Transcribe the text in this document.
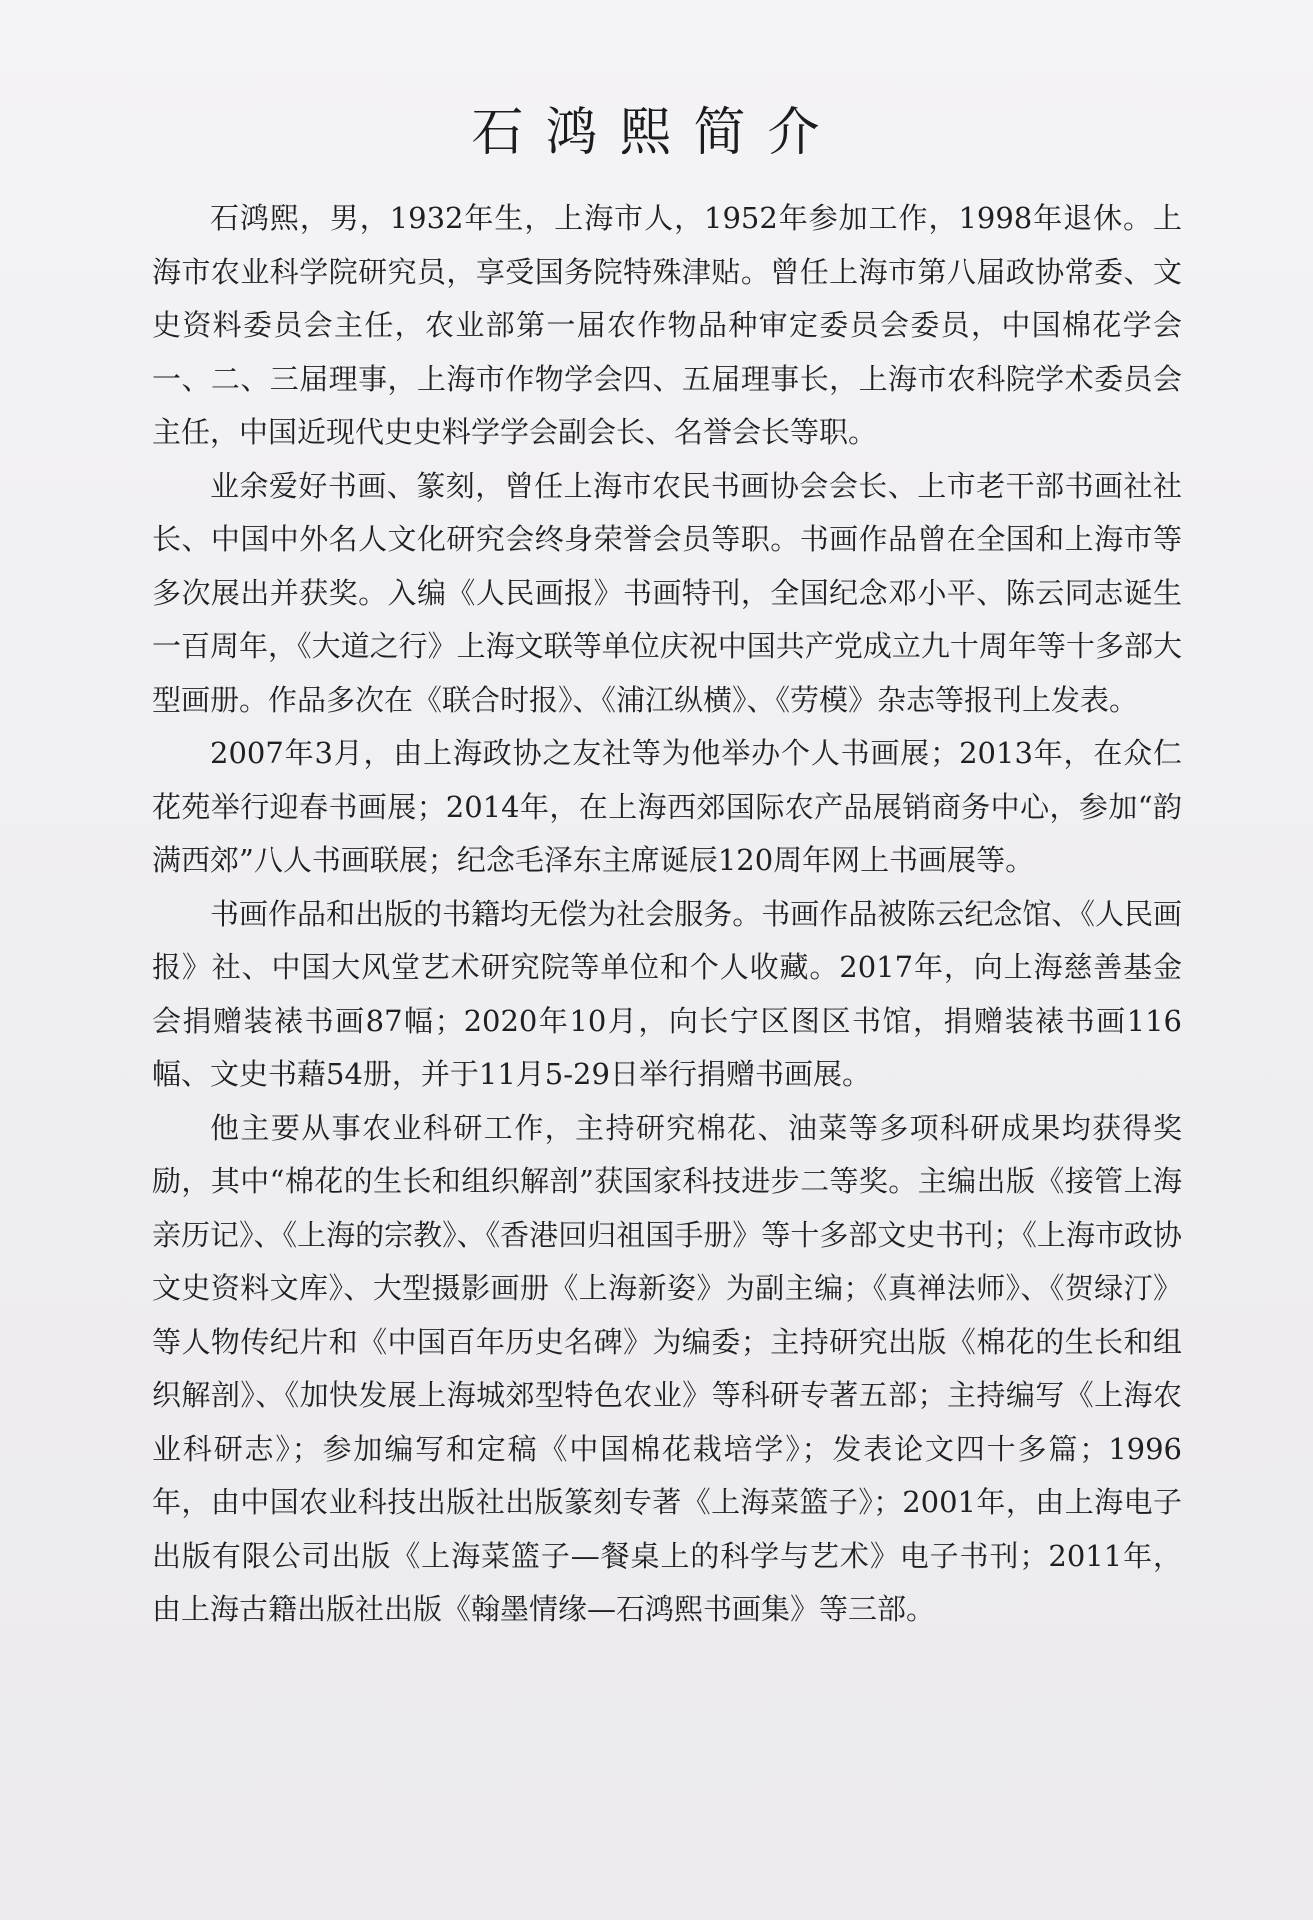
石鸿熙简介

石鸿熙，男，1932年生，上海市人，1952年参加工作，1998年退休。上海市农业科学院研究员，享受国务院特殊津贴。曾任上海市第八届政协常委、文史资料委员会主任，农业部第一届农作物品种审定委员会委员，中国棉花学会一、二、三届理事，上海市作物学会四、五届理事长，上海市农科院学术委员会主任，中国近现代史史料学学会副会长、名誉会长等职。

业余爱好书画、篆刻，曾任上海市农民书画协会会长、上市老干部书画社社长、中国中外名人文化研究会终身荣誉会员等职。书画作品曾在全国和上海市等多次展出并获奖。入编《人民画报》书画特刊，全国纪念邓小平、陈云同志诞生一百周年，《大道之行》上海文联等单位庆祝中国共产党成立九十周年等十多部大型画册。作品多次在《联合时报》、《浦江纵横》、《劳模》杂志等报刊上发表。

2007年3月，由上海政协之友社等为他举办个人书画展；2013年，在众仁花苑举行迎春书画展；2014年，在上海西郊国际农产品展销商务中心，参加“韵满西郊”八人书画联展；纪念毛泽东主席诞辰120周年网上书画展等。

书画作品和出版的书籍均无偿为社会服务。书画作品被陈云纪念馆、《人民画报》社、中国大风堂艺术研究院等单位和个人收藏。2017年，向上海慈善基金会捐赠装裱书画87幅；2020年10月，向长宁区图区书馆，捐赠装裱书画116幅、文史书藉54册，并于11月5-29日举行捐赠书画展。

他主要从事农业科研工作，主持研究棉花、油菜等多项科研成果均获得奖励，其中“棉花的生长和组织解剖”获国家科技进步二等奖。主编出版《接管上海亲历记》、《上海的宗教》、《香港回归祖国手册》等十多部文史书刊；《上海市政协文史资料文库》、大型摄影画册《上海新姿》为副主编；《真禅法师》、《贺绿汀》等人物传纪片和《中国百年历史名碑》为编委；主持研究出版《棉花的生长和组织解剖》、《加快发展上海城郊型特色农业》等科研专著五部；主持编写《上海农业科研志》；参加编写和定稿《中国棉花栽培学》；发表论文四十多篇；1996年，由中国农业科技出版社出版篆刻专著《上海菜篮子》；2001年，由上海电子出版有限公司出版《上海菜篮子—餐桌上的科学与艺术》电子书刊；2011年，由上海古籍出版社出版《翰墨情缘—石鸿熙书画集》等三部。
